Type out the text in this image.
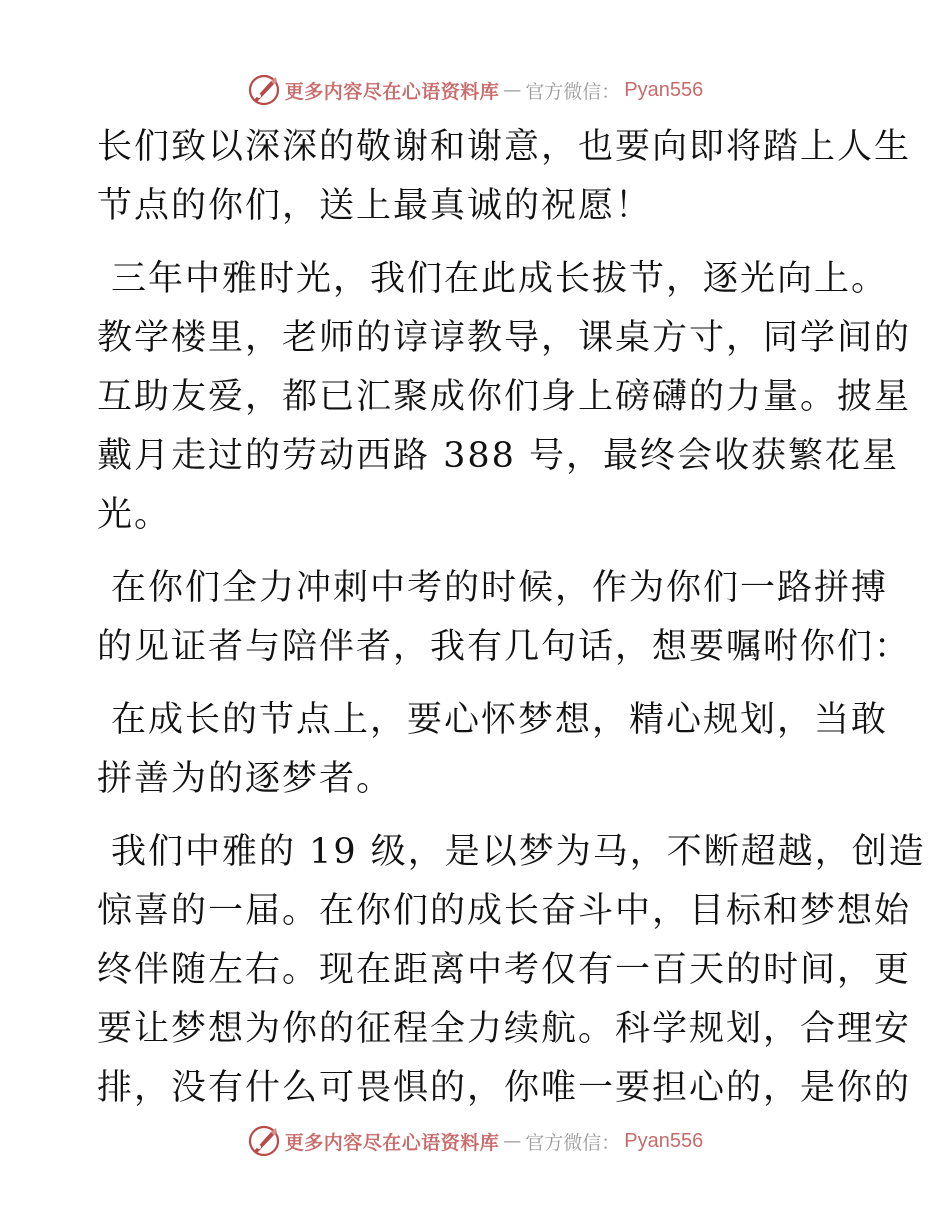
更多内容尽在心语资料库 — 官方微信： Pyan556
长们致以深深的敬谢和谢意，也要向即将踏上人生
节点的你们，送上最真诚的祝愿！
三年中雅时光，我们在此成长拔节，逐光向上。
教学楼里，老师的谆谆教导，课桌方寸，同学间的
互助友爱，都已汇聚成你们身上磅礴的力量。披星
戴月走过的劳动西路 388 号，最终会收获繁花星
光。
在你们全力冲刺中考的时候，作为你们一路拼搏
的见证者与陪伴者，我有几句话，想要嘱咐你们：
在成长的节点上，要心怀梦想，精心规划，当敢
拼善为的逐梦者。
我们中雅的 19 级，是以梦为马，不断超越，创造
惊喜的一届。在你们的成长奋斗中，目标和梦想始
终伴随左右。现在距离中考仅有一百天的时间，更
要让梦想为你的征程全力续航。科学规划，合理安
排，没有什么可畏惧的，你唯一要担心的，是你的
更多内容尽在心语资料库 — 官方微信： Pyan556
